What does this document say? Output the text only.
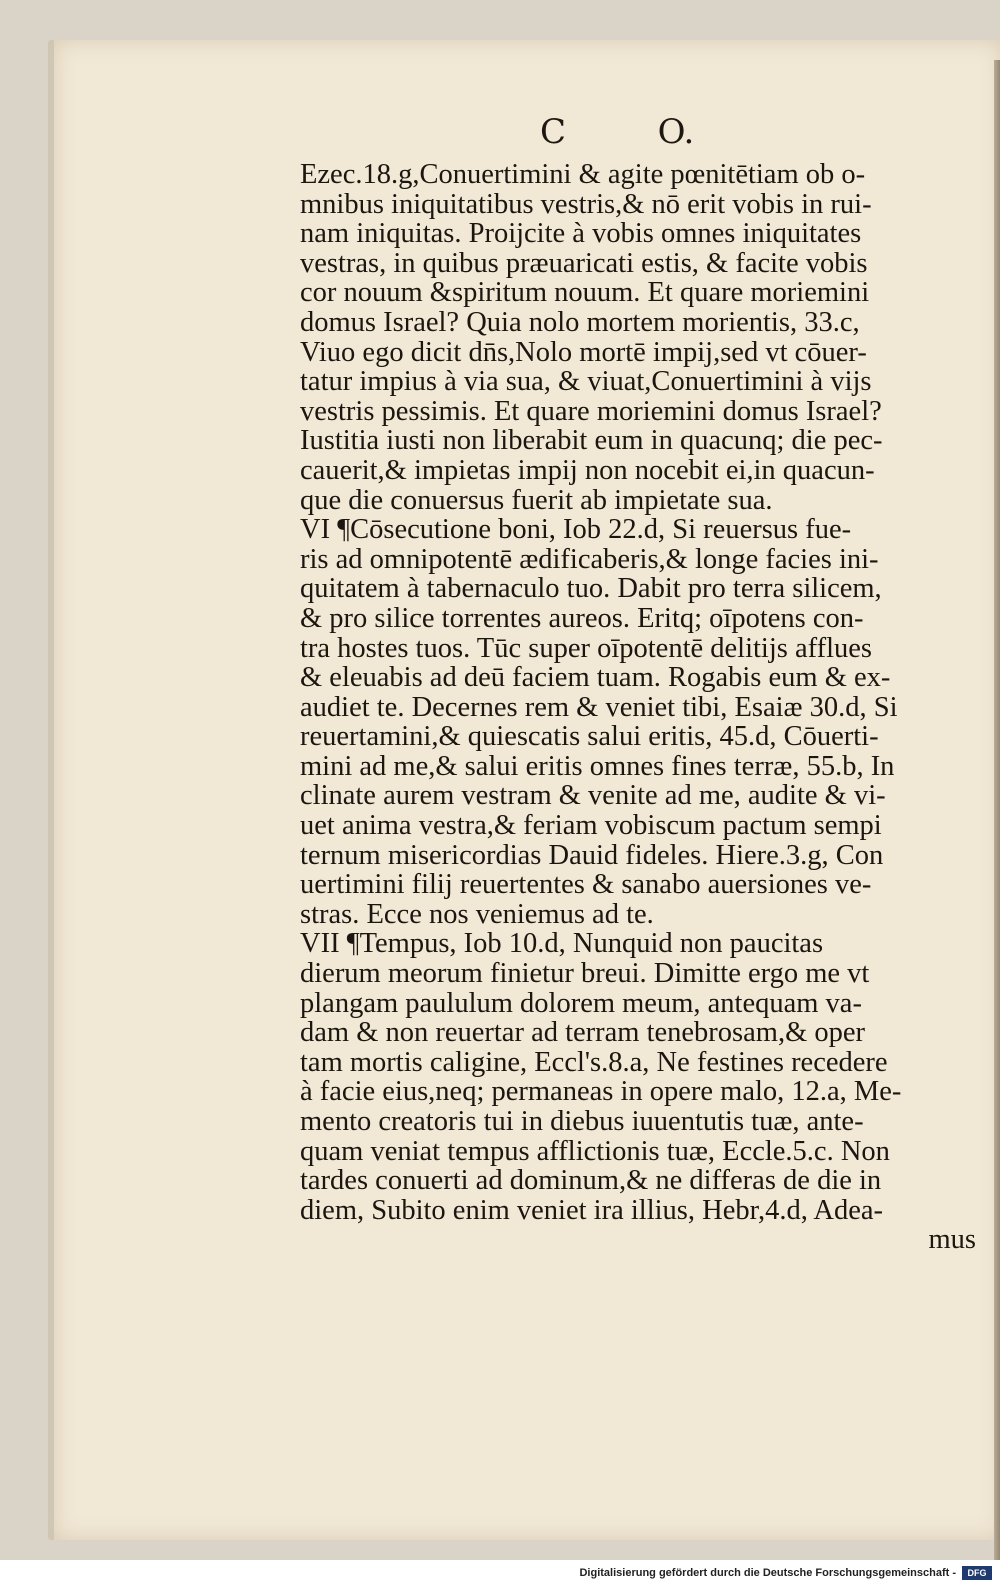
C	O.
Ezec.18.g,Conuertimini & agite pœnitētiam ob o-
mnibus iniquitatibus vestris,& nō erit vobis in rui-
nam iniquitas. Proijcite à vobis omnes iniquitates
vestras, in quibus præuaricati estis, & facite vobis
cor nouum &spiritum nouum. Et quare moriemini
domus Israel? Quia nolo mortem morientis, 33.c,
Viuo ego dicit dn̄s,Nolo mortē impij,sed vt cōuer-
tatur impius à via sua, & viuat,Conuertimini à vijs
vestris pessimis. Et quare moriemini domus Israel?
Iustitia iusti non liberabit eum in quacunq; die pec-
cauerit,& impietas impij non nocebit ei,in quacun-
que die conuersus fuerit ab impietate sua.
VI ¶Cōsecutione boni, Iob 22.d, Si reuersus fue-
ris ad omnipotentē ædificaberis,& longe facies ini-
quitatem à tabernaculo tuo. Dabit pro terra silicem,
& pro silice torrentes aureos. Eritq; oīpotens con-
tra hostes tuos. Tūc super oīpotentē delitijs afflues
& eleuabis ad deū faciem tuam. Rogabis eum & ex-
audiet te. Decernes rem & veniet tibi, Esaiæ 30.d, Si
reuertamini,& quiescatis salui eritis, 45.d, Cōuerti-
mini ad me,& salui eritis omnes fines terræ, 55.b, In
clinate aurem vestram & venite ad me, audite & vi-
uet anima vestra,& feriam vobiscum pactum sempi
ternum misericordias Dauid fideles. Hiere.3.g, Con
uertimini filij reuertentes & sanabo auersiones ve-
stras. Ecce nos veniemus ad te.
VII ¶Tempus, Iob 10.d, Nunquid non paucitas
dierum meorum finietur breui. Dimitte ergo me vt
plangam paululum dolorem meum, antequam va-
dam & non reuertar ad terram tenebrosam,& oper
tam mortis caligine, Eccl's.8.a, Ne festines recedere
à facie eius,neq; permaneas in opere malo, 12.a, Me-
mento creatoris tui in diebus iuuentutis tuæ, ante-
quam veniat tempus afflictionis tuæ, Eccle.5.c. Non
tardes conuerti ad dominum,& ne differas de die in
diem, Subito enim veniet ira illius, Hebr,4.d, Adea-
mus
Digitalisierung gefördert durch die Deutsche Forschungsgemeinschaft -	DFG
